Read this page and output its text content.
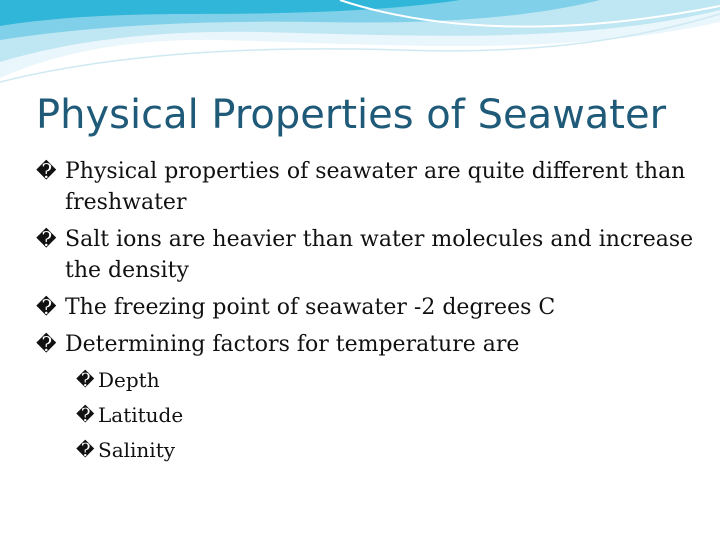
Physical Properties of Seawater
� Physical properties of seawater are quite different than freshwater
� Salt ions are heavier than water molecules and increase the density
� The freezing point of seawater -2 degrees C
� Determining factors for temperature are
� Depth
� Latitude
� Salinity
